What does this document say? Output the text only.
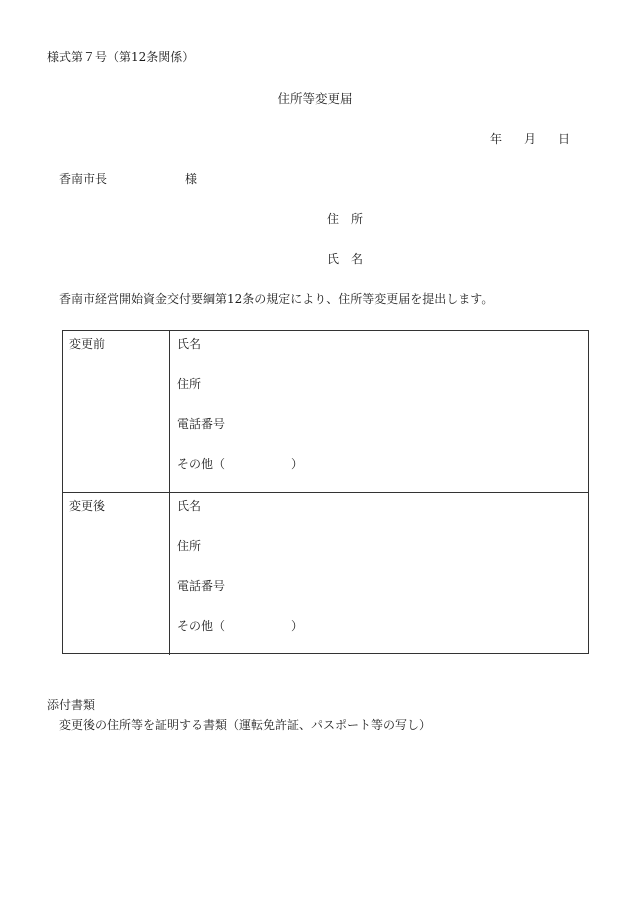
様式第７号（第12条関係）
住所等変更届
年 月 日
香南市長	様
住 所
氏 名
香南市経営開始資金交付要綱第12条の規定により、住所等変更届を提出します。
変更前	氏名
住所
電話番号
その他（	）
変更後	氏名
住所
電話番号
その他（	）
添付書類
変更後の住所等を証明する書類（運転免許証、パスポート等の写し）
